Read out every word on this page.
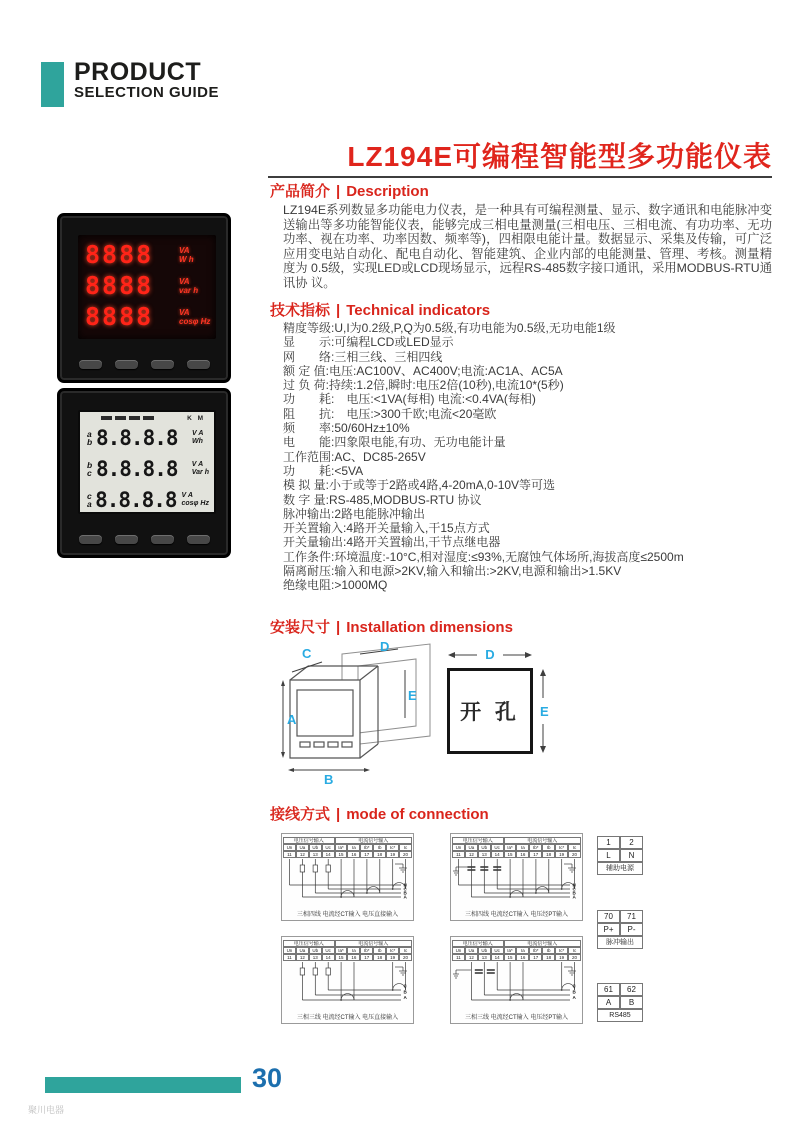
PRODUCT
SELECTION GUIDE
LZ194E可编程智能型多功能仪表
8888	VA
W h
8888	VA
var h
8888	VA
cosφ Hz
K M
a
b 8.8.8.8	V A
Wh
b
c 8.8.8.8	V A
Var h
c
a 8.8.8.8 V A
cosφ Hz
产品简介 | Description
LZ194E系列数显多功能电力仪表，是一种具有可编程测量、显示、数字通讯和电能脉冲变送输出等多功能智能仪表，能够完成三相电量测量(三相电压、三相电流、有功功率、无功功率、视在功率、功率因数、频率等)，四相限电能计量。数据显示、采集及传输，可广泛应用变电站自动化、配电自动化、智能建筑、企业内部的电能测量、管理、考核。测量精度为 0.5级，实现LED或LCD现场显示，远程RS-485数字接口通讯，采用MODBUS-RTU通讯协 议。
技术指标 | Technical indicators
精度等级:U,I为0.2级,P,Q为0.5级,有功电能为0.5级,无功电能1级
显　　示:可编程LCD或LED显示
网　　络:三相三线、三相四线
额 定 值:电压:AC100V、AC400V;电流:AC1A、AC5A
过 负 荷:持续:1.2倍,瞬时:电压2倍(10秒),电流10*(5秒)
功　　耗:　电压:<1VA(每相) 电流:<0.4VA(每相)
阻　　抗:　电压:>300千欧;电流<20毫欧
频　　率:50/60Hz±10%
电　　能:四象限电能,有功、无功电能计量
工作范围:AC、DC85-265V
功　　耗:<5VA
模 拟 量:小于或等于2路或4路,4-20mA,0-10V等可选
数 字 量:RS-485,MODBUS-RTU 协议
脉冲输出:2路电能脉冲输出
开关置输入:4路开关量输入,干15点方式
开关量输出:4路开关置输出,干节点继电器
工作条件:环境温度:-10°C,相对湿度:≤93%,无腐蚀气体场所,海拔高度≤2500m
隔离耐压:输入和电源>2KV,输入和输出:>2KV,电源和输出>1.5KV
绝缘电阻:>1000MQ
安装尺寸 | Installation dimensions
A
B
C	D
E
D
E
开 孔
接线方式 | mode of connection
电压信号输入	电流信号输入
Un	Ua	Ub	Uc	Ia*	Ia	Ib*	Ib	Ic*	Ic
11	12	13	14	15	16	17	18	19	20
N
C
B
A
三相四线 电流经CT输入 电压直接输入
电压信号输入	电流信号输入
Un	Ua	Ub	Uc	Ia*	Ia	Ib*	Ib	Ic*	Ic
11	12	13	14	15	16	17	18	19	20
N
C
B
A
三相四线 电流经CT输入 电压经PT输入
电压信号输入	电流信号输入
Un	Ua	Ub	Uc	Ia*	Ia	Ib*	Ib	Ic*	Ic
11	12	13	14	15	16	17	18	19	20
C
B
A
三相三线 电流经CT输入 电压直接输入
电压信号输入	电流信号输入
Un	Ua	Ub	Uc	Ia*	Ia	Ib*	Ib	Ic*	Ic
11	12	13	14	15	16	17	18	19	20
C
B
A
三相三线 电流经CT输入 电压经PT输入
1	2
L	N
辅助电源
70	71
P+	P-
脉冲输出
61	62
A	B
RS485
30
聚川电器
